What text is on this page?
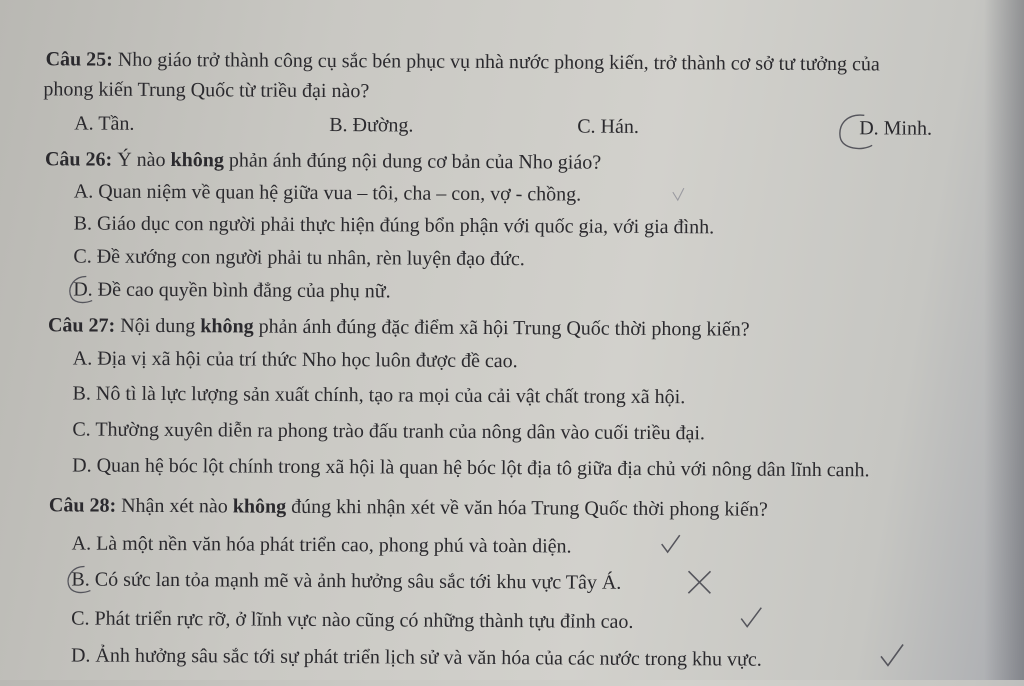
Câu 25: Nho giáo trở thành công cụ sắc bén phục vụ nhà nước phong kiến, trở thành cơ sở tư tưởng của
phong kiến Trung Quốc từ triều đại nào?
A. Tần.	B. Đường.	C. Hán.	D. Minh.
Câu 26: Ý nào không phản ánh đúng nội dung cơ bản của Nho giáo?
A. Quan niệm về quan hệ giữa vua – tôi, cha – con, vợ - chồng.
B. Giáo dục con người phải thực hiện đúng bổn phận với quốc gia, với gia đình.
C. Đề xướng con người phải tu nhân, rèn luyện đạo đức.
D. Đề cao quyền bình đẳng của phụ nữ.
Câu 27: Nội dung không phản ánh đúng đặc điểm xã hội Trung Quốc thời phong kiến?
A. Địa vị xã hội của trí thức Nho học luôn được đề cao.
B. Nô tì là lực lượng sản xuất chính, tạo ra mọi của cải vật chất trong xã hội.
C. Thường xuyên diễn ra phong trào đấu tranh của nông dân vào cuối triều đại.
D. Quan hệ bóc lột chính trong xã hội là quan hệ bóc lột địa tô giữa địa chủ với nông dân lĩnh canh.
Câu 28: Nhận xét nào không đúng khi nhận xét về văn hóa Trung Quốc thời phong kiến?
A. Là một nền văn hóa phát triển cao, phong phú và toàn diện.
B. Có sức lan tỏa mạnh mẽ và ảnh hưởng sâu sắc tới khu vực Tây Á.
C. Phát triển rực rỡ, ở lĩnh vực nào cũng có những thành tựu đỉnh cao.
D. Ảnh hưởng sâu sắc tới sự phát triển lịch sử và văn hóa của các nước trong khu vực.
